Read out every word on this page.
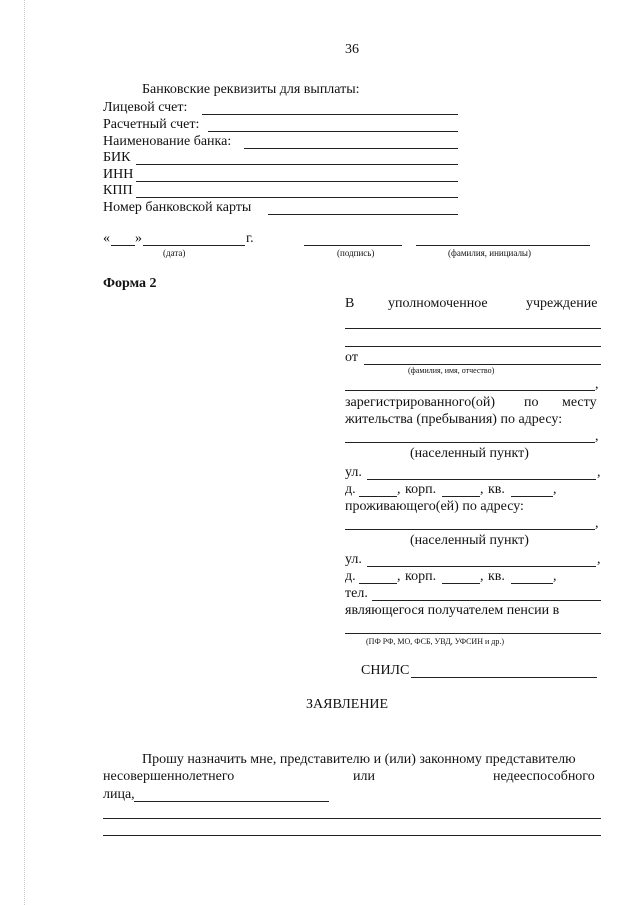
36
Банковские реквизиты для выплаты:
Лицевой счет:
Расчетный счет:
Наименование банка:
БИК
ИНН
КПП
Номер банковской карты
« »	г.
(дата)	(подпись)	(фамилия, инициалы)
Форма 2
В уполномоченное	учреждение
от
(фамилия, имя, отчество)
,
зарегистрированного(ой) по месту
жительства (пребывания) по адресу:
,
(населенный пункт)
ул.	,
д.	, корп.	, кв.	,
проживающего(ей) по адресу:
,
(населенный пункт)
ул.	,
д.	, корп.	, кв.	,
тел.
являющегося получателем пенсии в
(ПФ РФ, МО, ФСБ, УВД, УФСИН и др.)
СНИЛС
ЗАЯВЛЕНИЕ
Прошу назначить мне, представителю и (или) законному представителю
несовершеннолетнего	или	недееспособного
лица,
